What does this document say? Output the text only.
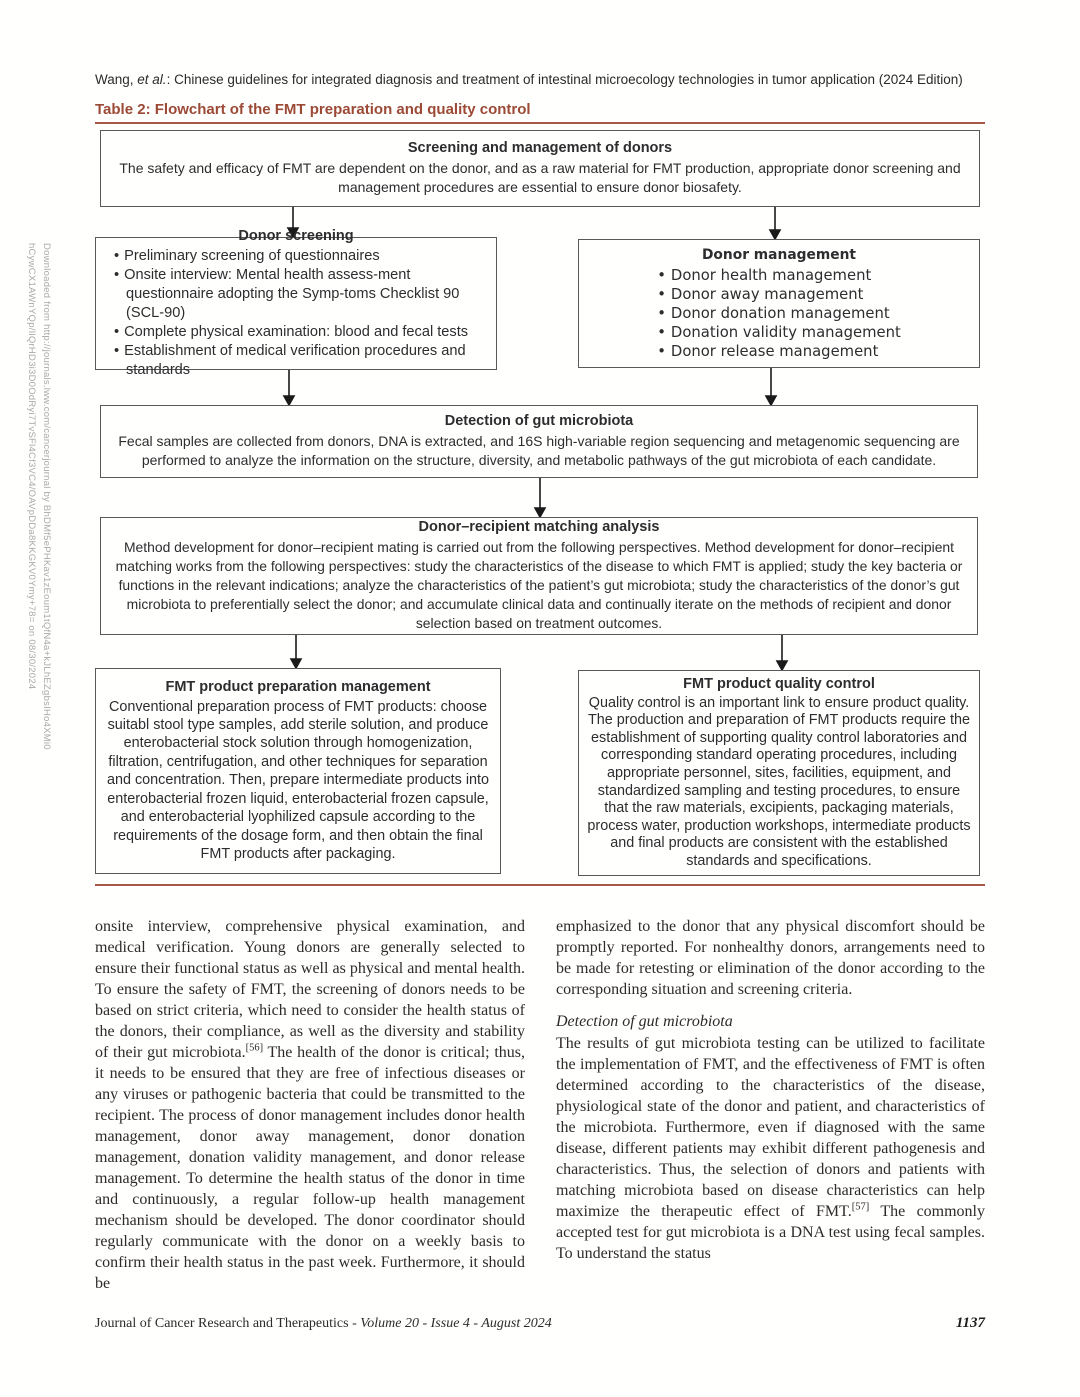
Downloaded from http://journals.lww.com/cancerjournal by BhDMf5ePHKav1zEoum1tQfN4a+kJLhEZgbsIHo4XMi0
hCywCX1AWnYQp/IlQrHD3i3D0OdRyi7TvSFl4Cf3VC4/OAVpDDa8KKGKV0Ymy+78= on 08/30/2024
Wang, et al.: Chinese guidelines for integrated diagnosis and treatment of intestinal microecology technologies in tumor application (2024 Edition)
Table 2: Flowchart of the FMT preparation and quality control
Screening and management of donors
The safety and efficacy of FMT are dependent on the donor, and as a raw material for FMT production, appropriate donor screening and management procedures are essential to ensure donor biosafety.
Donor screening
• Preliminary screening of questionnaires
• Onsite interview: Mental health assess-ment questionnaire adopting the Symp-toms Checklist 90 (SCL-90)
• Complete physical examination: blood and fecal tests
• Establishment of medical verification procedures and standards
Donor management
• Donor health management
• Donor away management
• Donor donation management
• Donation validity management
• Donor release management
Detection of gut microbiota
Fecal samples are collected from donors, DNA is extracted, and 16S high-variable region sequencing and metagenomic sequencing are performed to analyze the information on the structure, diversity, and metabolic pathways of the gut microbiota of each candidate.
Donor–recipient matching analysis
Method development for donor–recipient mating is carried out from the following perspectives. Method development for donor–recipient matching works from the following perspectives: study the characteristics of the disease to which FMT is applied; study the key bacteria or functions in the relevant indications; analyze the characteristics of the patient’s gut microbiota; study the characteristics of the donor’s gut microbiota to preferentially select the donor; and accumulate clinical data and continually iterate on the methods of recipient and donor selection based on treatment outcomes.
FMT product preparation management
Conventional preparation process of FMT products: choose suitabl stool type samples, add sterile solution, and produce enterobacterial stock solution through homogenization, filtration, centrifugation, and other techniques for separation and concentration. Then, prepare intermediate products into enterobacterial frozen liquid, enterobacterial frozen capsule, and enterobacterial lyophilized capsule according to the requirements of the dosage form, and then obtain the final FMT products after packaging.
FMT product quality control
Quality control is an important link to ensure product quality. The production and preparation of FMT products require the establishment of supporting quality control laboratories and corresponding standard operating procedures, including appropriate personnel, sites, facilities, equipment, and standardized sampling and testing procedures, to ensure that the raw materials, excipients, packaging materials, process water, production workshops, intermediate products and final products are consistent with the established standards and specifications.

onsite interview, comprehensive physical examination, and medical verification. Young donors are generally selected to ensure their functional status as well as physical and mental health. To ensure the safety of FMT, the screening of donors needs to be based on strict criteria, which need to consider the health status of the donors, their compliance, as well as the diversity and stability of their gut microbiota.[56] The health of the donor is critical; thus, it needs to be ensured that they are free of infectious diseases or any viruses or pathogenic bacteria that could be transmitted to the recipient. The process of donor management includes donor health management, donor away management, donor donation management, donation validity management, and donor release management. To determine the health status of the donor in time and continuously, a regular follow-up health management mechanism should be developed. The donor coordinator should regularly communicate with the donor on a weekly basis to confirm their health status in the past week. Furthermore, it should be

emphasized to the donor that any physical discomfort should be promptly reported. For nonhealthy donors, arrangements need to be made for retesting or elimination of the donor according to the corresponding situation and screening criteria.

Detection of gut microbiota

The results of gut microbiota testing can be utilized to facilitate the implementation of FMT, and the effectiveness of FMT is often determined according to the characteristics of the disease, physiological state of the donor and patient, and characteristics of the microbiota. Furthermore, even if diagnosed with the same disease, different patients may exhibit different pathogenesis and characteristics. Thus, the selection of donors and patients with matching microbiota based on disease characteristics can help maximize the therapeutic effect of FMT.[57] The commonly accepted test for gut microbiota is a DNA test using fecal samples. To understand the status

Journal of Cancer Research and Therapeutics - Volume 20 - Issue 4 - August 2024	1137
